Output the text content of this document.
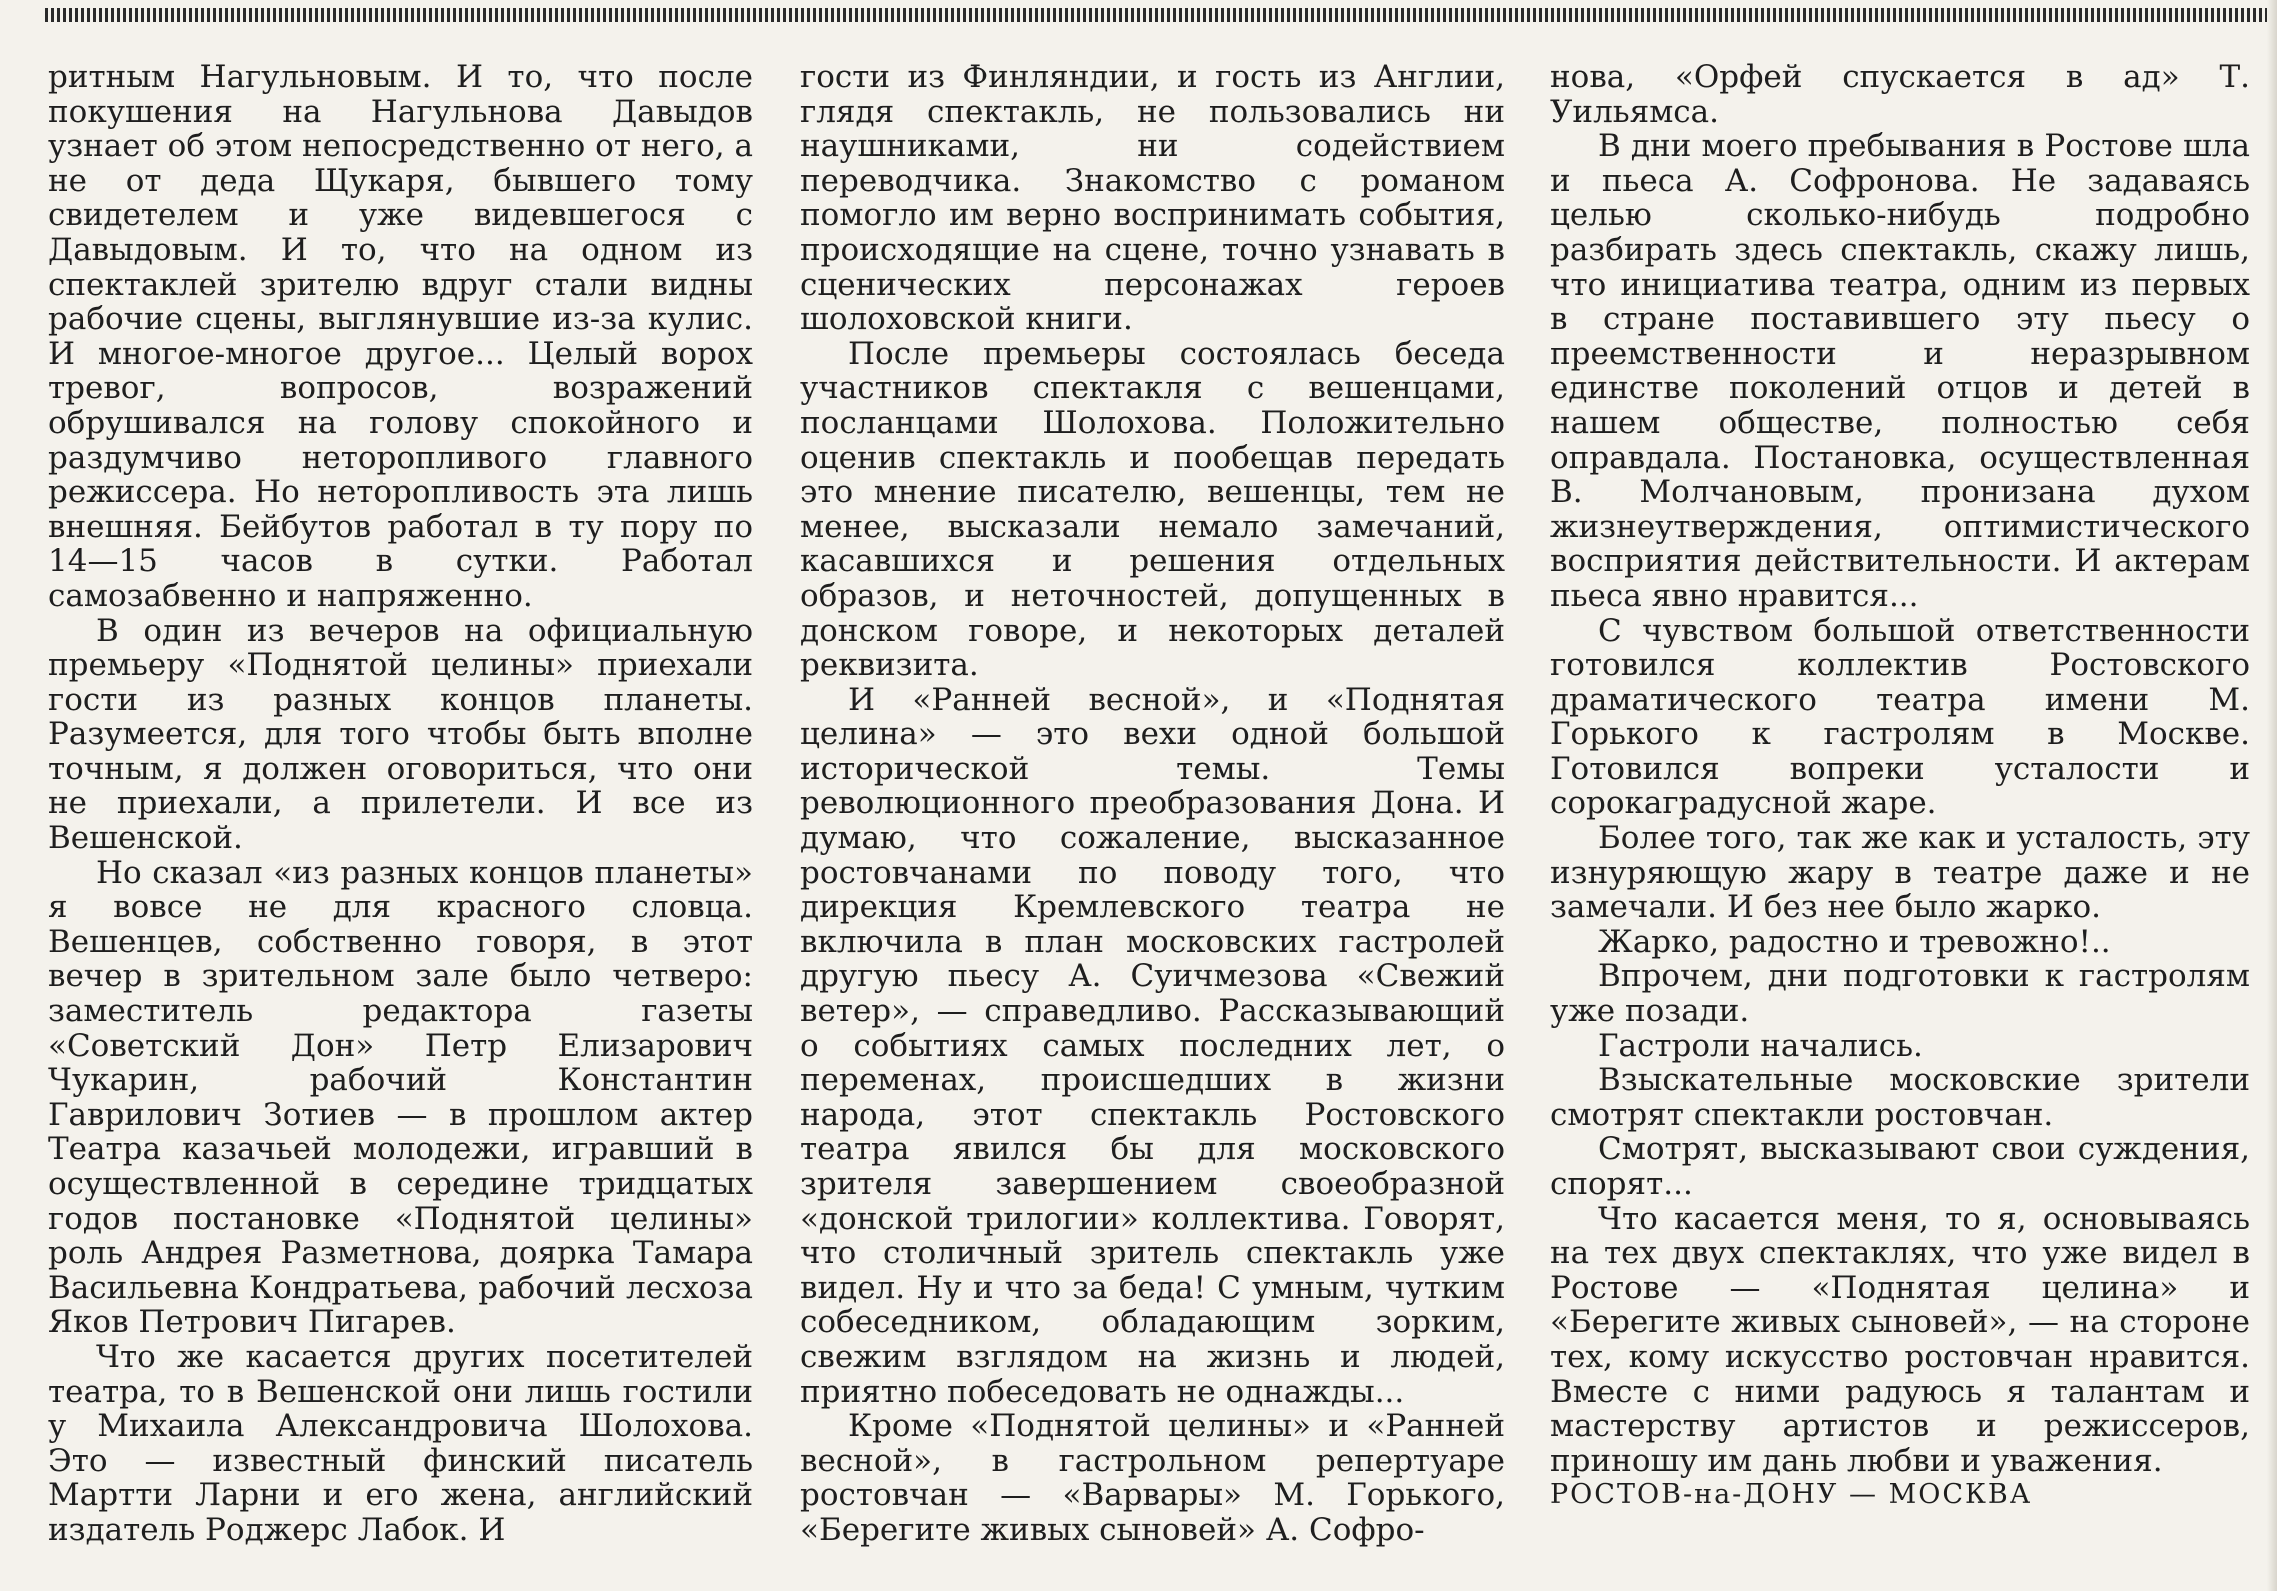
ритным Нагульновым. И то, что после покушения на Нагульнова Давыдов узнает об этом непосредственно от него, а не от деда Щукаря, бывшего тому свидетелем и уже видевшегося с Давыдовым. И то, что на одном из спектаклей зрителю вдруг стали видны рабочие сцены, выглянувшие из-за кулис. И многое-многое другое... Целый ворох тревог, вопросов, возражений обрушивался на голову спокойного и раздумчиво неторопливого главного режиссера. Но неторопливость эта лишь внешняя. Бейбутов работал в ту пору по 14—15 часов в сутки. Работал самозабвенно и напряженно.

В один из вечеров на официальную премьеру «Поднятой целины» приехали гости из разных концов планеты. Разумеется, для того чтобы быть вполне точным, я должен оговориться, что они не приехали, а прилетели. И все из Вешенской.

Но сказал «из разных концов планеты» я вовсе не для красного словца. Вешенцев, собственно говоря, в этот вечер в зрительном зале было четверо: заместитель редактора газеты «Советский Дон» Петр Елизарович Чукарин, рабочий Константин Гаврилович Зотиев — в прошлом актер Театра казачьей молодежи, игравший в осуществленной в середине тридцатых годов постановке «Поднятой целины» роль Андрея Разметнова, доярка Тамара Васильевна Кондратьева, рабочий лесхоза Яков Петрович Пигарев.

Что же касается других посетителей театра, то в Вешенской они лишь гостили у Михаила Александровича Шолохова. Это — известный финский писатель Мартти Ларни и его жена, английский издатель Роджерс Лабок. И

гости из Финляндии, и гость из Англии, глядя спектакль, не пользовались ни наушниками, ни содействием переводчика. Знакомство с романом помогло им верно воспринимать события, происходящие на сцене, точно узнавать в сценических персонажах героев шолоховской книги.

После премьеры состоялась беседа участников спектакля с вешенцами, посланцами Шолохова. Положительно оценив спектакль и пообещав передать это мнение писателю, вешенцы, тем не менее, высказали немало замечаний, касавшихся и решения отдельных образов, и неточностей, допущенных в донском говоре, и некоторых деталей реквизита.

И «Ранней весной», и «Поднятая целина» — это вехи одной большой исторической темы. Темы революционного преобразования Дона. И думаю, что сожаление, высказанное ростовчанами по поводу того, что дирекция Кремлевского театра не включила в план московских гастролей другую пьесу А. Суичмезова «Свежий ветер», — справедливо. Рассказывающий о событиях самых последних лет, о переменах, происшедших в жизни народа, этот спектакль Ростовского театра явился бы для московского зрителя завершением своеобразной «донской трилогии» коллектива. Говорят, что столичный зритель спектакль уже видел. Ну и что за беда! С умным, чутким собеседником, обладающим зорким, свежим взглядом на жизнь и людей, приятно побеседовать не однажды...

Кроме «Поднятой целины» и «Ранней весной», в гастрольном репертуаре ростовчан — «Варвары» М. Горького, «Берегите живых сыновей» А. Софро-

нова, «Орфей спускается в ад» Т. Уильямса.

В дни моего пребывания в Ростове шла и пьеса А. Софронова. Не задаваясь целью сколько-нибудь подробно разбирать здесь спектакль, скажу лишь, что инициатива театра, одним из первых в стране поставившего эту пьесу о преемственности и неразрывном единстве поколений отцов и детей в нашем обществе, полностью себя оправдала. Постановка, осуществленная В. Молчановым, пронизана духом жизнеутверждения, оптимистического восприятия действительности. И актерам пьеса явно нравится...

С чувством большой ответственности готовился коллектив Ростовского драматического театра имени М. Горького к гастролям в Москве. Готовился вопреки усталости и сорокаградусной жаре.

Более того, так же как и усталость, эту изнуряющую жару в театре даже и не замечали. И без нее было жарко.

Жарко, радостно и тревожно!..

Впрочем, дни подготовки к гастролям уже позади.

Гастроли начались.

Взыскательные московские зрители смотрят спектакли ростовчан.

Смотрят, высказывают свои суждения, спорят...

Что касается меня, то я, основываясь на тех двух спектаклях, что уже видел в Ростове — «Поднятая целина» и «Берегите живых сыновей», — на стороне тех, кому искусство ростовчан нравится. Вместе с ними радуюсь я талантам и мастерству артистов и режиссеров, приношу им дань любви и уважения.

РОСТОВ-на-ДОНУ — МОСКВА
